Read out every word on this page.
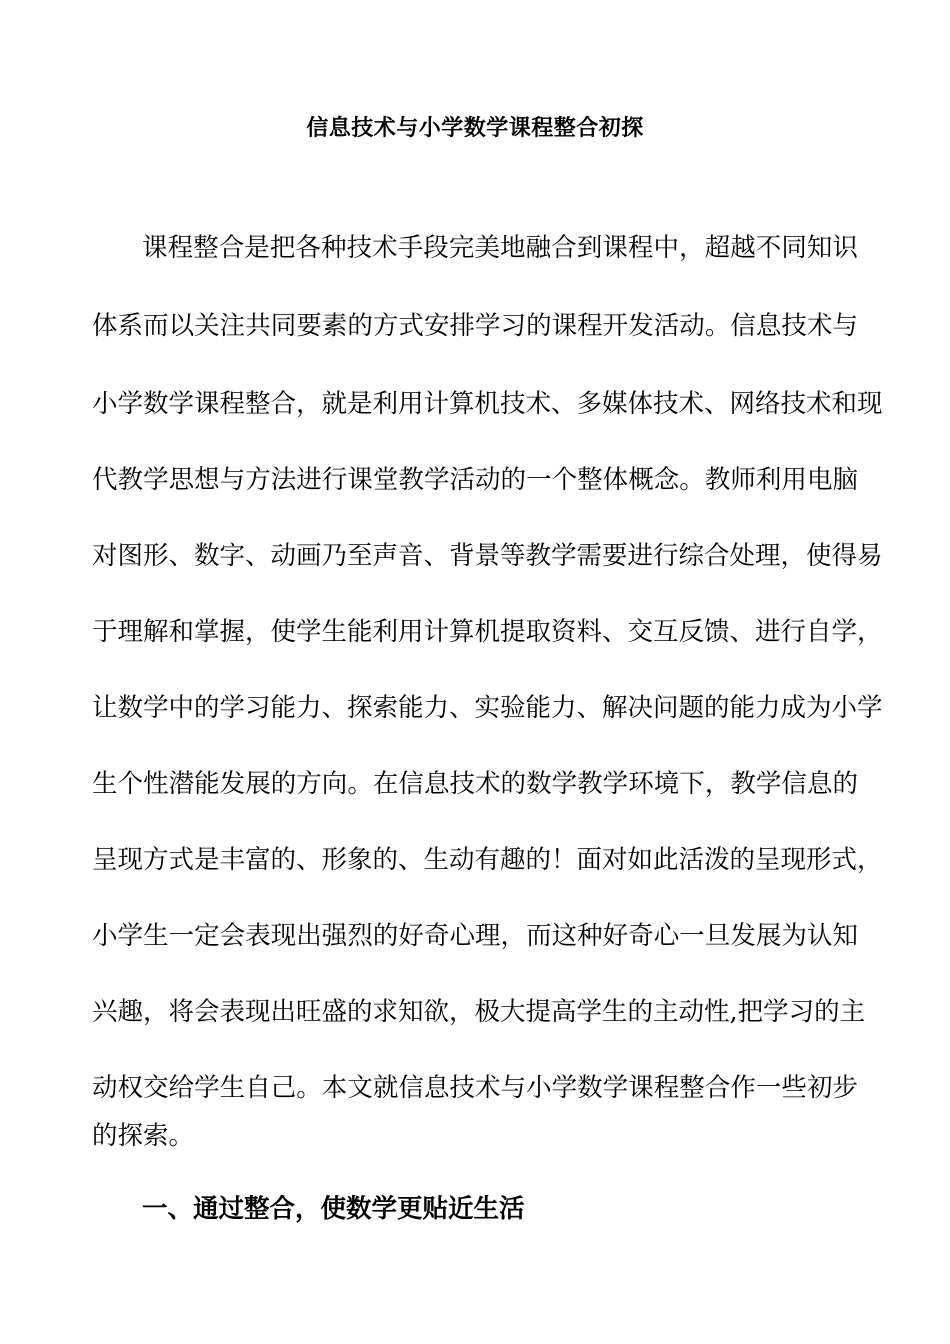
信息技术与小学数学课程整合初探
课程整合是把各种技术手段完美地融合到课程中，超越不同知识
体系而以关注共同要素的方式安排学习的课程开发活动。信息技术与
小学数学课程整合，就是利用计算机技术、多媒体技术、网络技术和现
代教学思想与方法进行课堂教学活动的一个整体概念。教师利用电脑
对图形、数字、动画乃至声音、背景等教学需要进行综合处理，使得易
于理解和掌握，使学生能利用计算机提取资料、交互反馈、进行自学，
让数学中的学习能力、探索能力、实验能力、解决问题的能力成为小学
生个性潜能发展的方向。在信息技术的数学教学环境下，教学信息的
呈现方式是丰富的、形象的、生动有趣的！面对如此活泼的呈现形式，
小学生一定会表现出强烈的好奇心理，而这种好奇心一旦发展为认知
兴趣，将会表现出旺盛的求知欲，极大提高学生的主动性,把学习的主
动权交给学生自己。本文就信息技术与小学数学课程整合作一些初步
的探索。
一、通过整合，使数学更贴近生活
